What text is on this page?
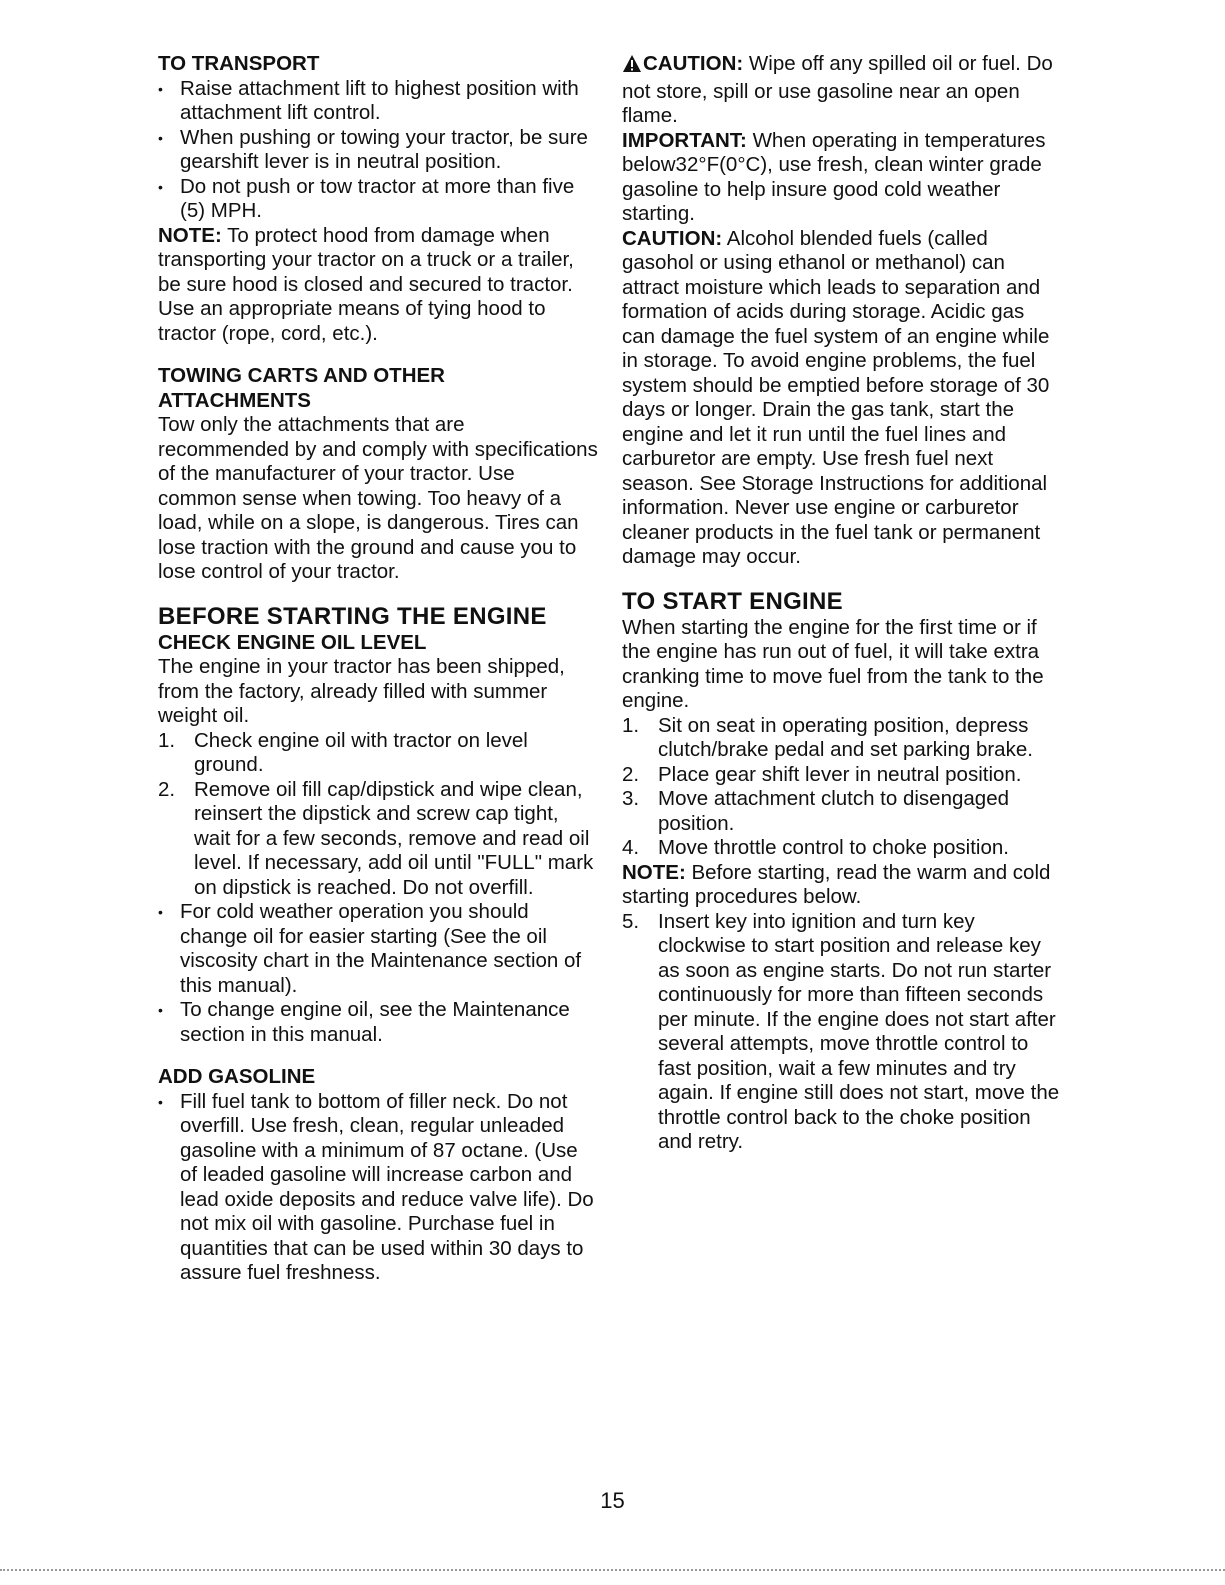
TO TRANSPORT
• Raise attachment lift to highest position with attachment lift control.
• When pushing or towing your tractor, be sure gearshift lever is in neutral position.
• Do not push or tow tractor at more than five (5) MPH.

NOTE: To protect hood from damage when transporting your tractor on a truck or a trailer, be sure hood is closed and secured to tractor. Use an appropriate means of tying hood to tractor (rope, cord, etc.).

TOWING CARTS AND OTHER ATTACHMENTS

Tow only the attachments that are recommended by and comply with specifications of the manufacturer of your tractor. Use common sense when towing. Too heavy of a load, while on a slope, is dangerous. Tires can lose traction with the ground and cause you to lose control of your tractor.

BEFORE STARTING THE ENGINE
CHECK ENGINE OIL LEVEL

The engine in your tractor has been shipped, from the factory, already filled with summer weight oil.

1. Check engine oil with tractor on level ground.
2. Remove oil fill cap/dipstick and wipe clean, reinsert the dipstick and screw cap tight, wait for a few seconds, remove and read oil level. If necessary, add oil until "FULL" mark on dipstick is reached. Do not overfill.
• For cold weather operation you should change oil for easier starting (See the oil viscosity chart in the Maintenance section of this manual).
• To change engine oil, see the Maintenance section in this manual.
ADD GASOLINE
• Fill fuel tank to bottom of filler neck. Do not overfill. Use fresh, clean, regular unleaded gasoline with a minimum of 87 octane. (Use of leaded gasoline will increase carbon and lead oxide deposits and reduce valve life). Do not mix oil with gasoline. Purchase fuel in quantities that can be used within 30 days to assure fuel freshness.

CAUTION: Wipe off any spilled oil or fuel. Do not store, spill or use gasoline near an open flame.

IMPORTANT: When operating in temperatures below32°F(0°C), use fresh, clean winter grade gasoline to help insure good cold weather starting.

CAUTION: Alcohol blended fuels (called gasohol or using ethanol or methanol) can attract moisture which leads to separation and formation of acids during storage. Acidic gas can damage the fuel system of an engine while in storage. To avoid engine problems, the fuel system should be emptied before storage of 30 days or longer. Drain the gas tank, start the engine and let it run until the fuel lines and carburetor are empty. Use fresh fuel next season. See Storage Instructions for additional information. Never use engine or carburetor cleaner products in the fuel tank or permanent damage may occur.

TO START ENGINE

When starting the engine for the first time or if the engine has run out of fuel, it will take extra cranking time to move fuel from the tank to the engine.

1. Sit on seat in operating position, depress clutch/brake pedal and set parking brake.
2. Place gear shift lever in neutral position.
3. Move attachment clutch to disengaged position.
4. Move throttle control to choke position.

NOTE: Before starting, read the warm and cold starting procedures below.

5. Insert key into ignition and turn key clockwise to start position and release key as soon as engine starts. Do not run starter continuously for more than fifteen seconds per minute. If the engine does not start after several attempts, move throttle control to fast position, wait a few minutes and try again. If engine still does not start, move the throttle control back to the choke position and retry.
15
